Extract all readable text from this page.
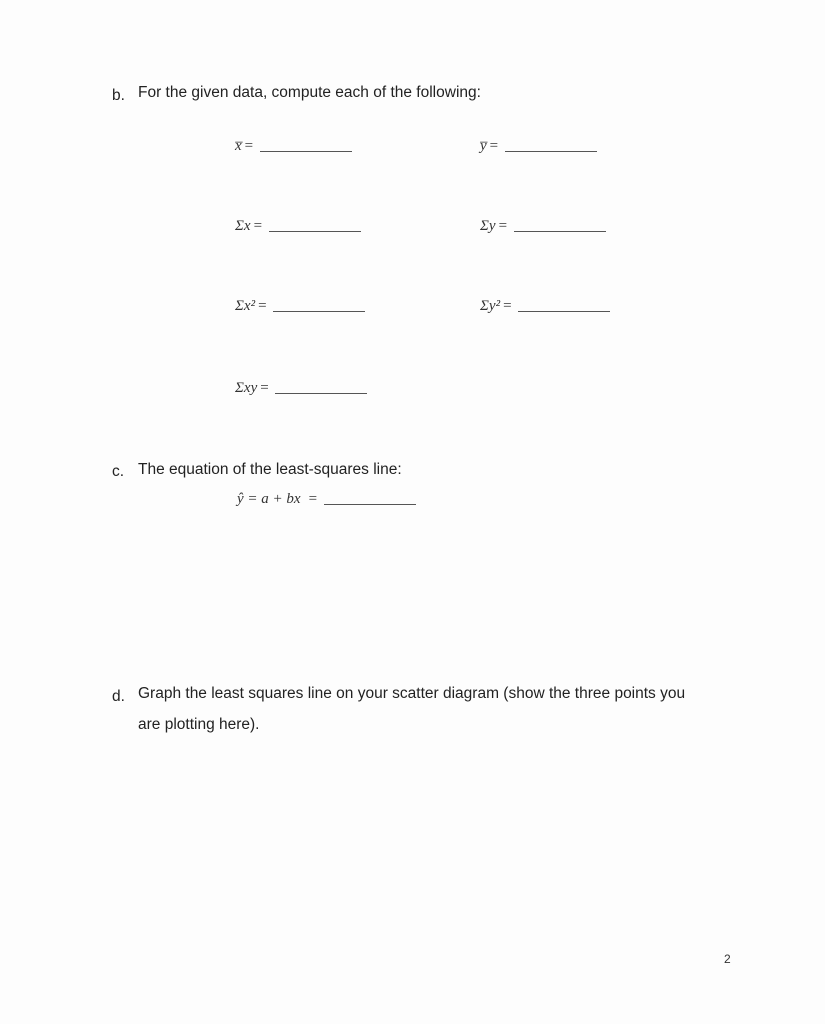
b. For the given data, compute each of the following:
x̅ =	y̅ =
Σx =	Σy =
Σx² =	Σy² =
Σxy =
c. The equation of the least-squares line:
ŷ = a + bx =
d. Graph the least squares line on your scatter diagram (show the three points you
are plotting here).
2
